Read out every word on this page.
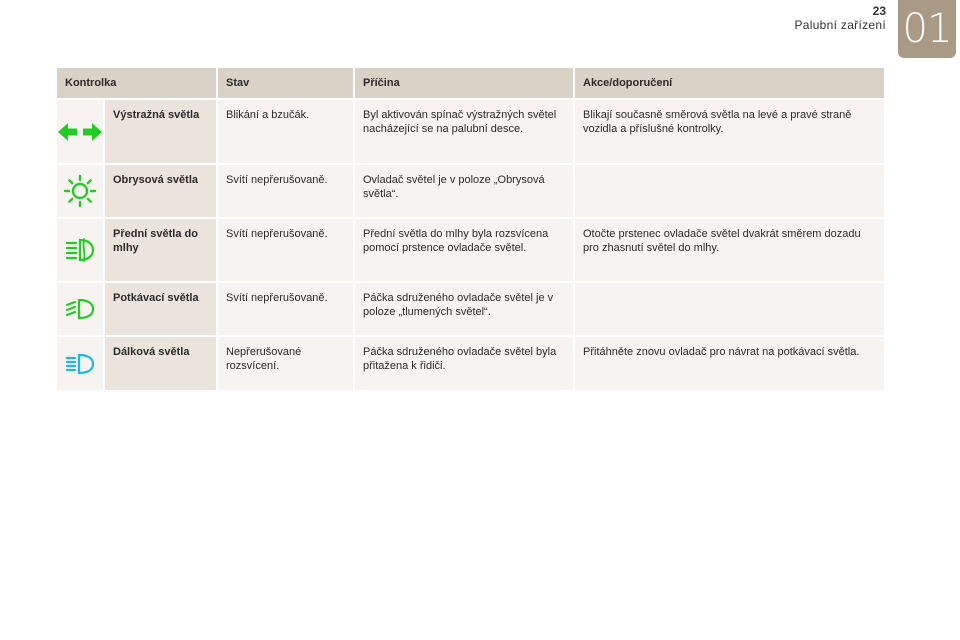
23
Palubní zařízení 01
Kontrolka		Stav	Příčina	Akce/doporučení

	Výstražná světla	Blikání a bzučák.	Byl aktivován spínač výstražných světel nacházející se na palubní desce.	Blikají současně směrová světla na levé a pravé straně vozidla a příslušné kontrolky.

	Obrysová světla	Svítí nepřerušovaně.	Ovladač světel je v poloze „Obrysová světla“.	

	Přední světla do mlhy	Svítí nepřerušovaně.	Přední světla do mlhy byla rozsvícena pomocí prstence ovladače světel.	Otočte prstenec ovladače světel dvakrát směrem dozadu pro zhasnutí světel do mlhy.

	Potkávací světla	Svítí nepřerušovaně.	Páčka sdruženého ovladače světel je v poloze „tlumených světel“.	

	Dálková světla	Nepřerušované rozsvícení.	Páčka sdruženého ovladače světel byla přitažena k řidiči.	Přitáhněte znovu ovladač pro návrat na potkávací světla.
